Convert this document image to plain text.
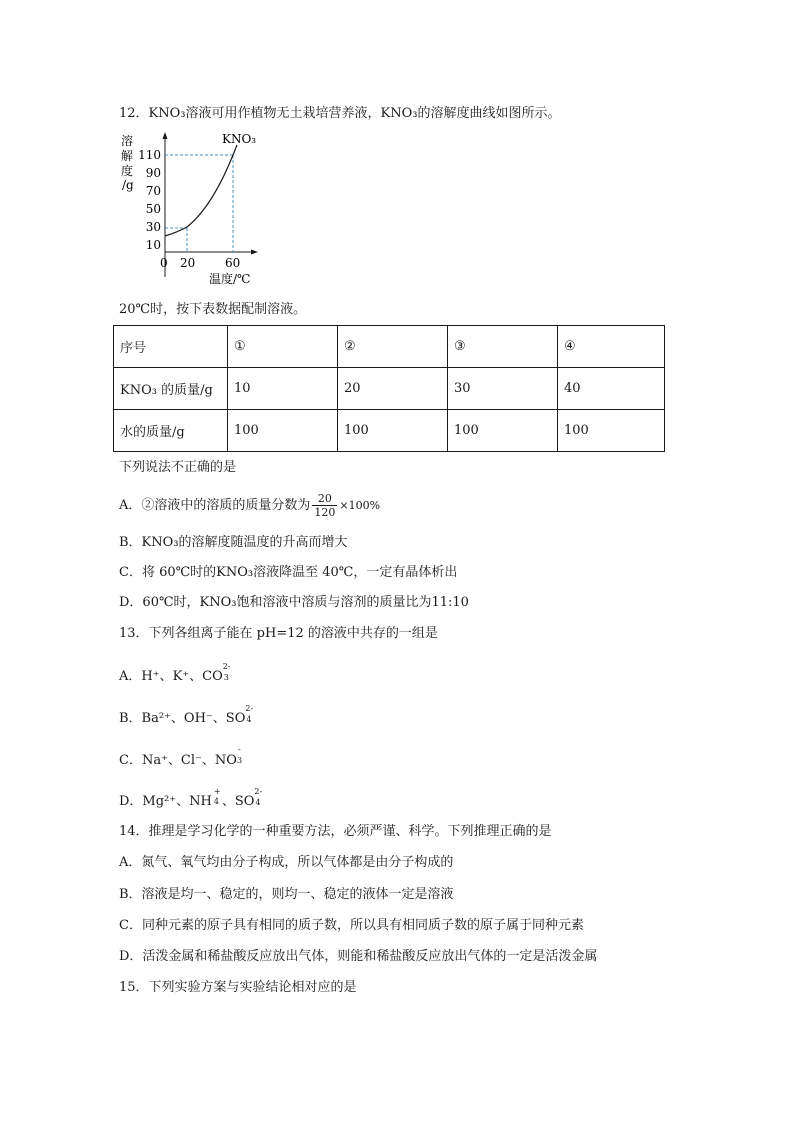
12．KNO₃溶液可用作植物无土栽培营养液，KNO₃的溶解度曲线如图所示。
溶
解
度
/g
110
90
70
50
30
10
0 20 60
温度/℃
KNO₃
20℃时，按下表数据配制溶液。
序号	①	②	③	④
KNO₃ 的质量/g	10	20	30	40
水的质量/g	100	100	100	100
下列说法不正确的是
A．②溶液中的溶质的质量分数为 $\frac{20}{120} \times 100\%$
B．KNO₃的溶解度随温度的升高而增大
C．将 60℃时的KNO₃溶液降温至 40℃，一定有晶体析出
D．60℃时，KNO₃饱和溶液中溶质与溶剂的质量比为11:10
13．下列各组离子能在 pH=12 的溶液中共存的一组是
A．H⁺、K⁺、CO
2-
3
B．Ba²⁺、OH⁻、SO
2-
4
C．Na⁺、Cl⁻、NO
-
3
D．Mg²⁺、NH
+
4 、SO
2-
4
14．推理是学习化学的一种重要方法，必须严谨、科学。下列推理正确的是
A．氮气、氧气均由分子构成，所以气体都是由分子构成的
B．溶液是均一、稳定的，则均一、稳定的液体一定是溶液
C．同种元素的原子具有相同的质子数，所以具有相同质子数的原子属于同种元素
D．活泼金属和稀盐酸反应放出气体，则能和稀盐酸反应放出气体的一定是活泼金属
15．下列实验方案与实验结论相对应的是
